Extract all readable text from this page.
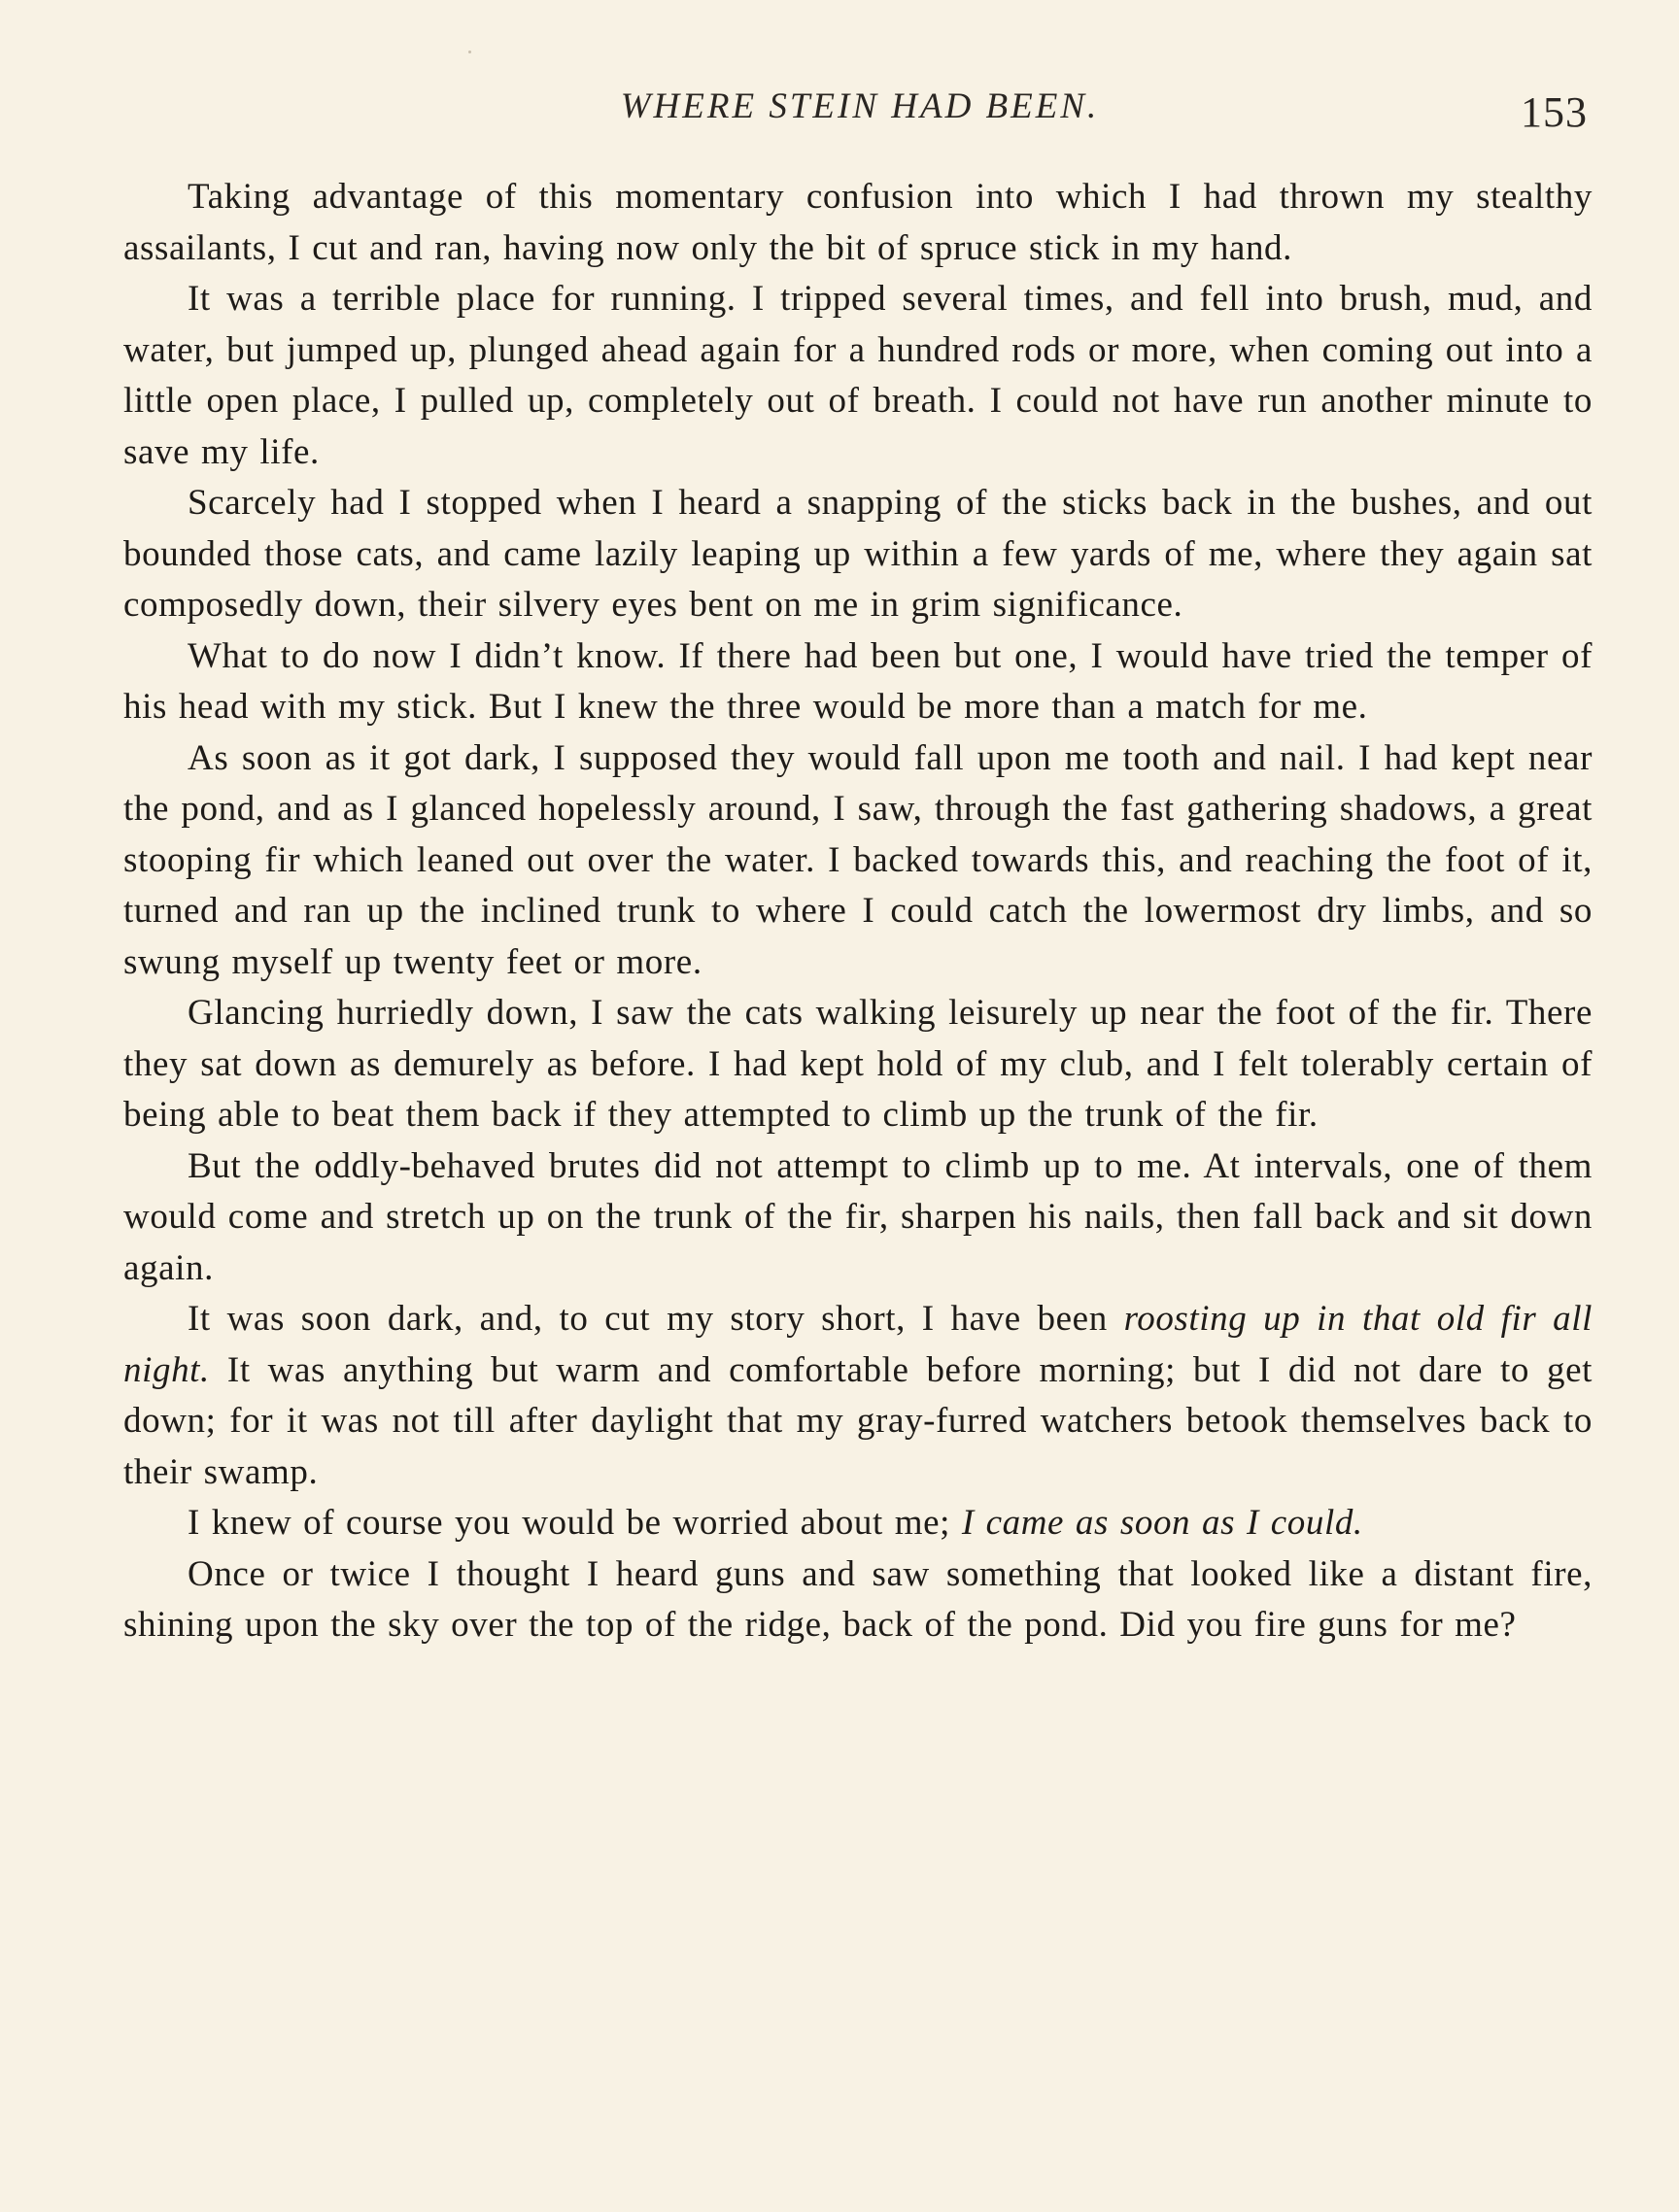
WHERE STEIN HAD BEEN.	153

Taking advantage of this momentary confusion into which I had thrown my stealthy assailants, I cut and ran, having now only the bit of spruce stick in my hand.

It was a terrible place for running. I tripped several times, and fell into brush, mud, and water, but jumped up, plunged ahead again for a hundred rods or more, when coming out into a little open place, I pulled up, completely out of breath. I could not have run another minute to save my life.

Scarcely had I stopped when I heard a snapping of the sticks back in the bushes, and out bounded those cats, and came lazily leaping up within a few yards of me, where they again sat composedly down, their silvery eyes bent on me in grim significance.

What to do now I didn’t know. If there had been but one, I would have tried the temper of his head with my stick. But I knew the three would be more than a match for me.

As soon as it got dark, I supposed they would fall upon me tooth and nail. I had kept near the pond, and as I glanced hopelessly around, I saw, through the fast gathering shadows, a great stooping fir which leaned out over the water. I backed towards this, and reaching the foot of it, turned and ran up the inclined trunk to where I could catch the lowermost dry limbs, and so swung myself up twenty feet or more.

Glancing hurriedly down, I saw the cats walking leisurely up near the foot of the fir. There they sat down as demurely as before. I had kept hold of my club, and I felt tolerably certain of being able to beat them back if they attempted to climb up the trunk of the fir.

But the oddly-behaved brutes did not attempt to climb up to me. At intervals, one of them would come and stretch up on the trunk of the fir, sharpen his nails, then fall back and sit down again.

It was soon dark, and, to cut my story short, I have been roosting up in that old fir all night. It was anything but warm and comfortable before morning; but I did not dare to get down; for it was not till after daylight that my gray-furred watchers betook themselves back to their swamp.

I knew of course you would be worried about me; I came as soon as I could.

Once or twice I thought I heard guns and saw something that looked like a distant fire, shining upon the sky over the top of the ridge, back of the pond. Did you fire guns for me?
